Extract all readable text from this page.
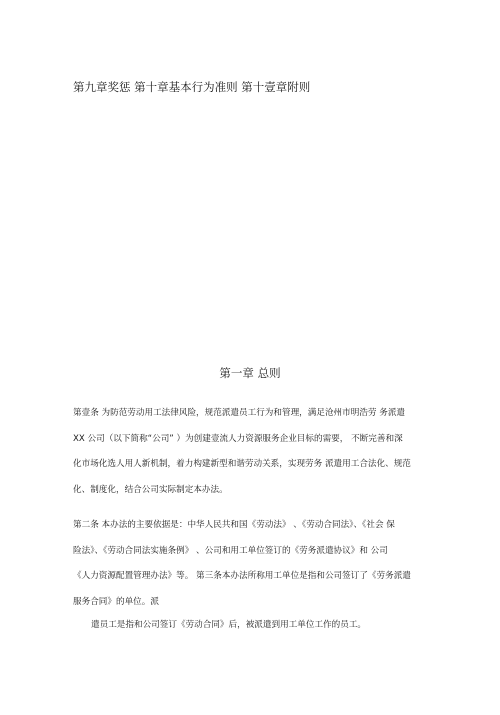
第九章奖惩 第十章基本行为准则 第十壹章附则
第一章 总则
第壹条 为防范劳动用工法律风险，规范派遣员工行为和管理，满足沧州市明浩劳 务派遣
XX 公司（以下简称“公司” ）为创建壹流人力资源服务企业目标的需要， 不断完善和深
化市场化选人用人新机制，着力构建新型和谐劳动关系，实现劳务 派遣用工合法化、规范
化、制度化，结合公司实际制定本办法。
第二条 本办法的主要依据是：中华人民共和国《劳动法》 、《劳动合同法》、《社会 保
险法》、《劳动合同法实施条例》 、公司和用工单位签订的《劳务派遣协议》和 公司
《人力资源配置管理办法》等。 第三条本办法所称用工单位是指和公司签订了《劳务派遣
服务合同》的单位。派
遣员工是指和公司签订《劳动合同》后，被派遣到用工单位工作的员工。
